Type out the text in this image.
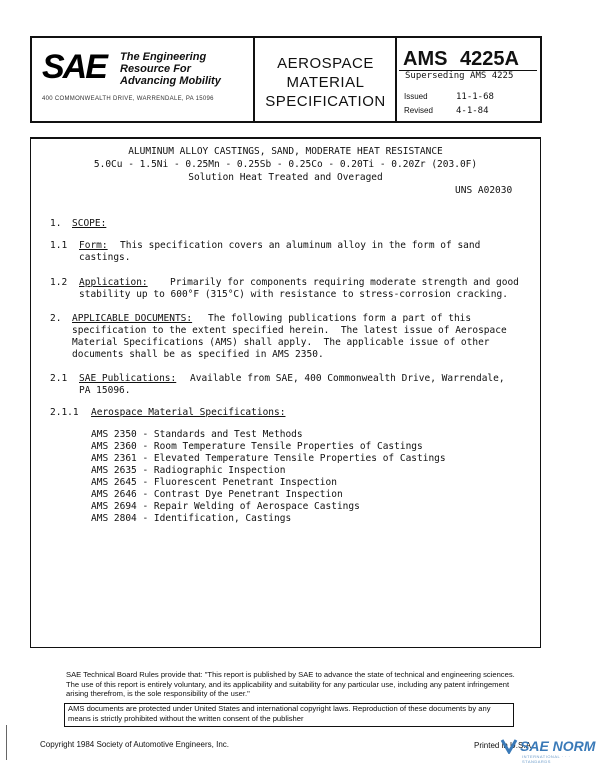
SAE The Engineering
Resource For
Advancing Mobility
400 COMMONWEALTH DRIVE, WARRENDALE, PA 15096
AEROSPACE
MATERIAL
SPECIFICATION
AMS 4225A
Superseding AMS 4225
Issued	11-1-68
Revised	4-1-84
ALUMINUM ALLOY CASTINGS, SAND, MODERATE HEAT RESISTANCE
5.0Cu - 1.5Ni - 0.25Mn - 0.25Sb - 0.25Co - 0.20Ti - 0.20Zr (203.0F)
Solution Heat Treated and Overaged
UNS A02030
1. SCOPE:
1.1 Form: This specification covers an aluminum alloy in the form of sand
castings.
1.2 Application: Primarily for components requiring moderate strength and good
stability up to 600°F (315°C) with resistance to stress-corrosion cracking.
2. APPLICABLE DOCUMENTS: The following publications form a part of this
specification to the extent specified herein.  The latest issue of Aerospace
Material Specifications (AMS) shall apply.  The applicable issue of other
documents shall be as specified in AMS 2350.
2.1 SAE Publications: Available from SAE, 400 Commonwealth Drive, Warrendale,
PA 15096.
2.1.1 Aerospace Material Specifications:
AMS 2350 - Standards and Test Methods
AMS 2360 - Room Temperature Tensile Properties of Castings
AMS 2361 - Elevated Temperature Tensile Properties of Castings
AMS 2635 - Radiographic Inspection
AMS 2645 - Fluorescent Penetrant Inspection
AMS 2646 - Contrast Dye Penetrant Inspection
AMS 2694 - Repair Welding of Aerospace Castings
AMS 2804 - Identification, Castings
SAE Technical Board Rules provide that: "This report is published by SAE to advance the state of technical and engineering sciences. The use of this report is entirely voluntary, and its applicability and suitability for any particular use, including any patent infringement arising therefrom, is the sole responsibility of the user."
AMS documents are protected under United States and international copyright laws. Reproduction of these documents by any means is strictly prohibited without the written consent of the publisher
Copyright 1984 Society of Automotive Engineers, Inc.	Printed in U.S.A.
SAE NORM
INTERNATIONAL · · · STANDARDS
